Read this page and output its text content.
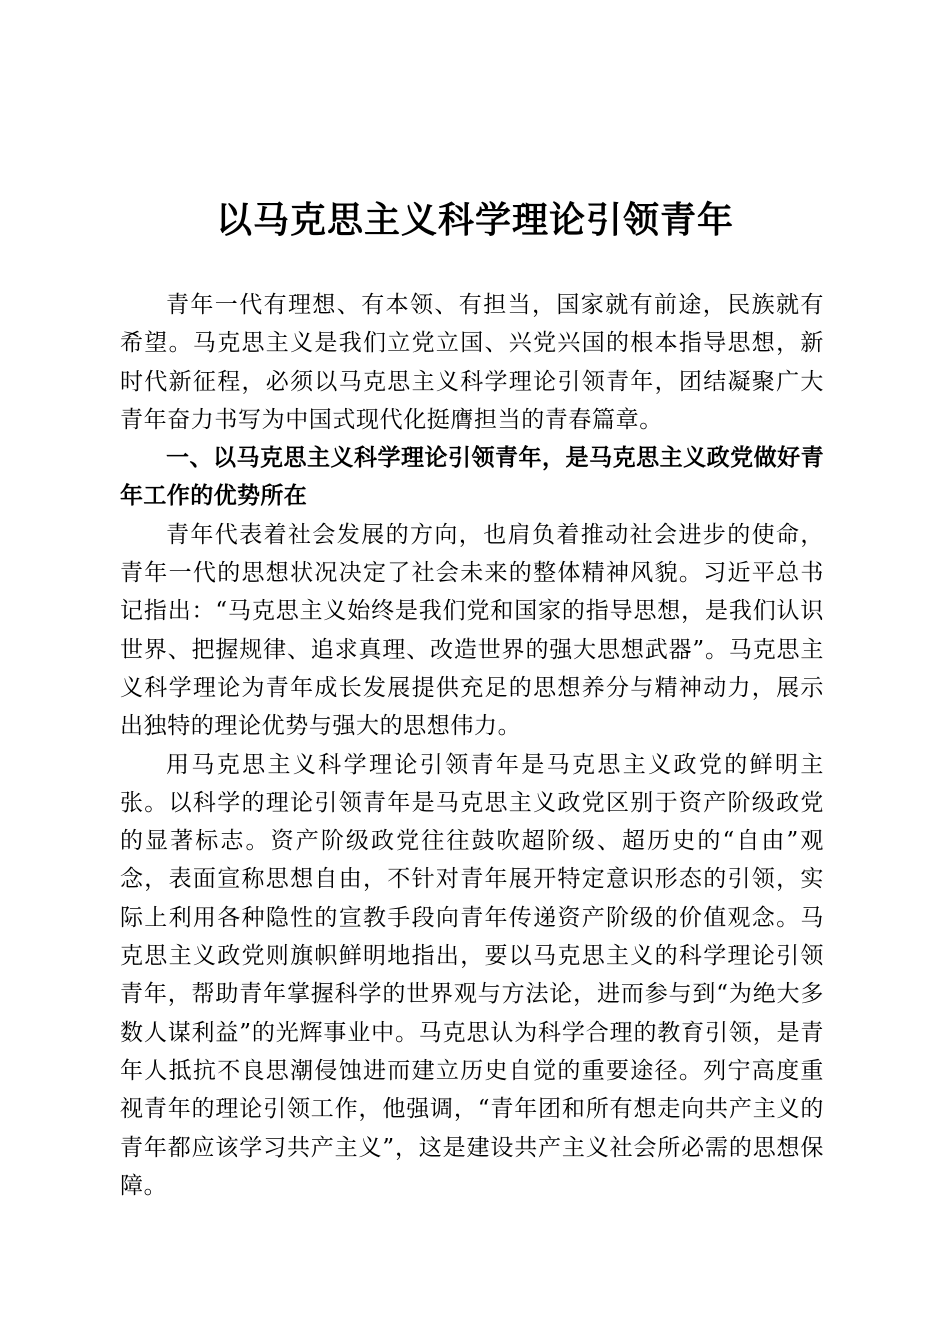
以马克思主义科学理论引领青年

青年一代有理想、有本领、有担当，国家就有前途，民族就有希望。马克思主义是我们立党立国、兴党兴国的根本指导思想，新时代新征程，必须以马克思主义科学理论引领青年，团结凝聚广大青年奋力书写为中国式现代化挺膺担当的青春篇章。

一、以马克思主义科学理论引领青年，是马克思主义政党做好青年工作的优势所在

青年代表着社会发展的方向，也肩负着推动社会进步的使命，青年一代的思想状况决定了社会未来的整体精神风貌。习近平总书记指出：“马克思主义始终是我们党和国家的指导思想，是我们认识世界、把握规律、追求真理、改造世界的强大思想武器”。马克思主义科学理论为青年成长发展提供充足的思想养分与精神动力，展示出独特的理论优势与强大的思想伟力。

用马克思主义科学理论引领青年是马克思主义政党的鲜明主张。以科学的理论引领青年是马克思主义政党区别于资产阶级政党的显著标志。资产阶级政党往往鼓吹超阶级、超历史的“自由”观念，表面宣称思想自由，不针对青年展开特定意识形态的引领，实际上利用各种隐性的宣教手段向青年传递资产阶级的价值观念。马克思主义政党则旗帜鲜明地指出，要以马克思主义的科学理论引领青年，帮助青年掌握科学的世界观与方法论，进而参与到“为绝大多数人谋利益”的光辉事业中。马克思认为科学合理的教育引领，是青年人抵抗不良思潮侵蚀进而建立历史自觉的重要途径。列宁高度重视青年的理论引领工作，他强调，“青年团和所有想走向共产主义的青年都应该学习共产主义”，这是建设共产主义社会所必需的思想保障。
